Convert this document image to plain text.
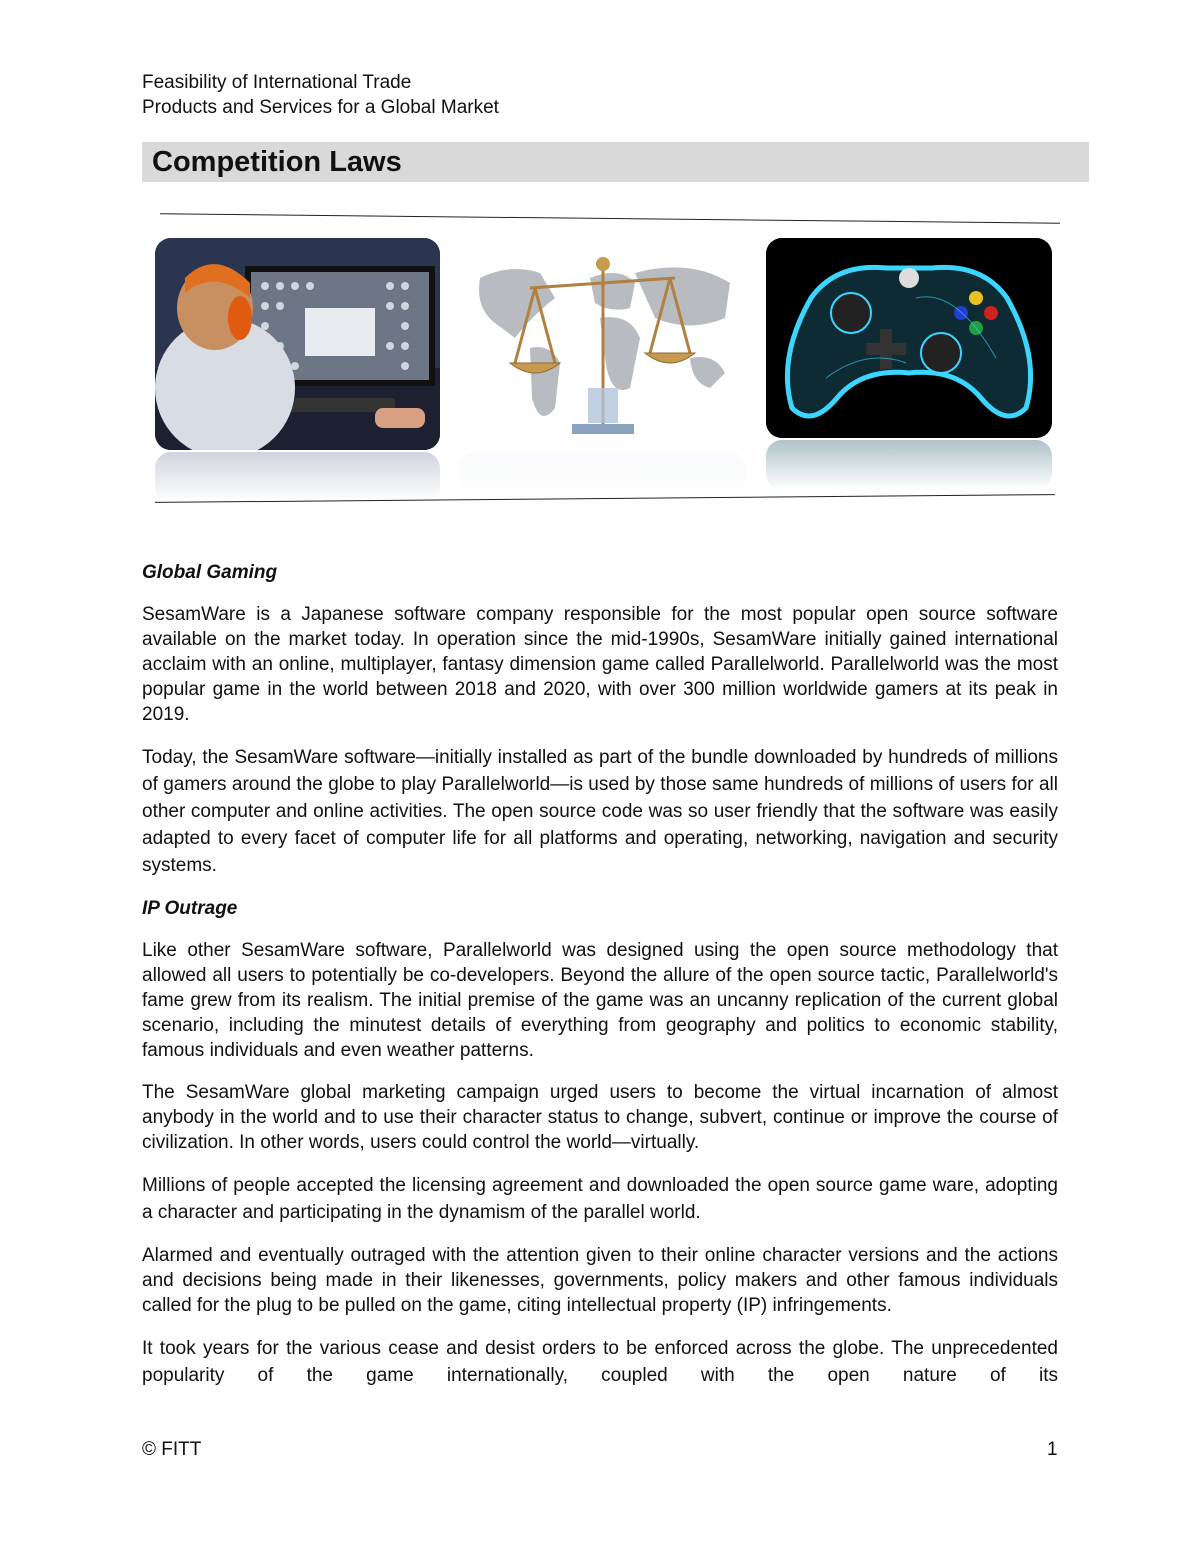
Feasibility of International Trade
Products and Services for a Global Market
Competition Laws
Global Gaming

SesamWare is a Japanese software company responsible for the most popular open source software available on the market today. In operation since the mid-1990s, SesamWare initially gained international acclaim with an online, multiplayer, fantasy dimension game called Parallelworld. Parallelworld was the most popular game in the world between 2018 and 2020, with over 300 million worldwide gamers at its peak in 2019.

Today, the SesamWare software—initially installed as part of the bundle downloaded by hundreds of millions of gamers around the globe to play Parallelworld—is used by those same hundreds of millions of users for all other computer and online activities. The open source code was so user friendly that the software was easily adapted to every facet of computer life for all platforms and operating, networking, navigation and security systems.

IP Outrage

Like other SesamWare software, Parallelworld was designed using the open source methodology that allowed all users to potentially be co-developers. Beyond the allure of the open source tactic, Parallelworld's fame grew from its realism. The initial premise of the game was an uncanny replication of the current global scenario, including the minutest details of everything from geography and politics to economic stability, famous individuals and even weather patterns.

The SesamWare global marketing campaign urged users to become the virtual incarnation of almost anybody in the world and to use their character status to change, subvert, continue or improve the course of civilization. In other words, users could control the world—virtually.

Millions of people accepted the licensing agreement and downloaded the open source game ware, adopting a character and participating in the dynamism of the parallel world.

Alarmed and eventually outraged with the attention given to their online character versions and the actions and decisions being made in their likenesses, governments, policy makers and other famous individuals called for the plug to be pulled on the game, citing intellectual property (IP) infringements.

It took years for the various cease and desist orders to be enforced across the globe. The unprecedented popularity of the game internationally, coupled with the open nature of its

© FITT	1
